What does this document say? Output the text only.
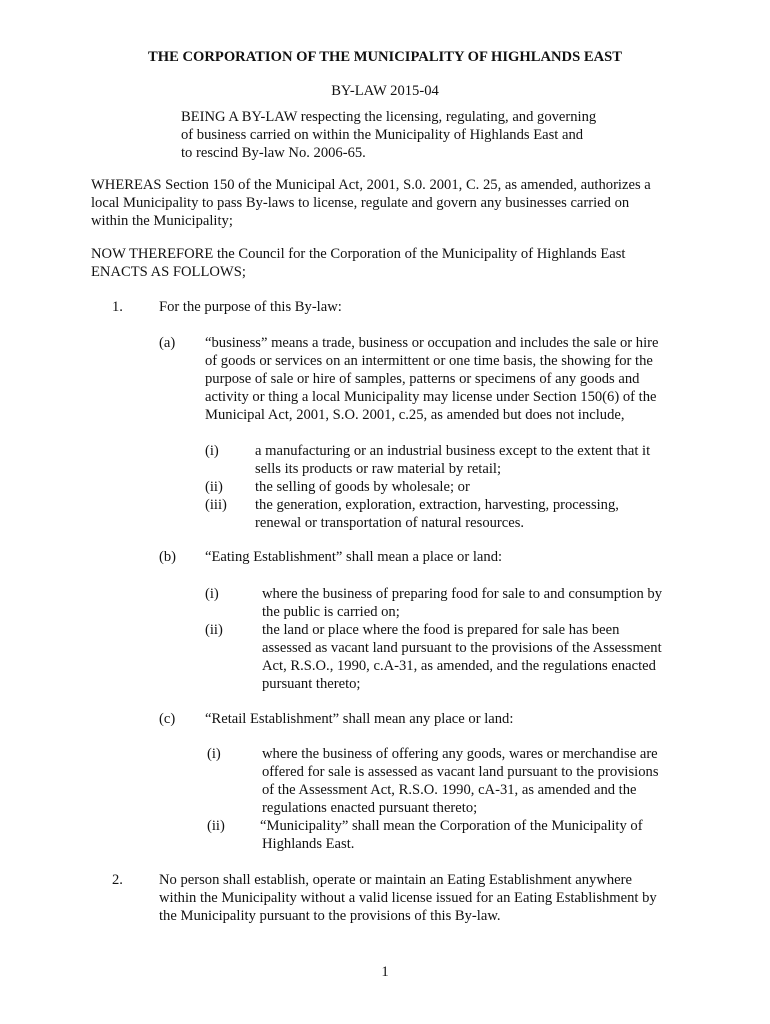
THE CORPORATION OF THE MUNICIPALITY OF HIGHLANDS EAST
BY-LAW 2015-04
BEING A BY-LAW respecting the licensing, regulating, and governing
of business carried on within the Municipality of Highlands East and
to rescind By-law No. 2006-65.
WHEREAS Section 150 of the Municipal Act, 2001, S.0. 2001, C. 25, as amended, authorizes a
local Municipality to pass By-laws to license, regulate and govern any businesses carried on
within the Municipality;
NOW THEREFORE the Council for the Corporation of the Municipality of Highlands East
ENACTS AS FOLLOWS;
1. For the purpose of this By-law:
(a) “business” means a trade, business or occupation and includes the sale or hire
of goods or services on an intermittent or one time basis, the showing for the
purpose of sale or hire of samples, patterns or specimens of any goods and
activity or thing a local Municipality may license under Section 150(6) of the
Municipal Act, 2001, S.O. 2001, c.25, as amended but does not include,
(i) a manufacturing or an industrial business except to the extent that it
sells its products or raw material by retail;
(ii) the selling of goods by wholesale; or
(iii) the generation, exploration, extraction, harvesting, processing,
renewal or transportation of natural resources.
(b) “Eating Establishment” shall mean a place or land:
(i)	where the business of preparing food for sale to and consumption by
the public is carried on;
(ii)	the land or place where the food is prepared for sale has been
assessed as vacant land pursuant to the provisions of the Assessment
Act, R.S.O., 1990, c.A-31, as amended, and the regulations enacted
pursuant thereto;
(c) “Retail Establishment” shall mean any place or land:
(i)	where the business of offering any goods, wares or merchandise are
offered for sale is assessed as vacant land pursuant to the provisions
of the Assessment Act, R.S.O. 1990, cA-31, as amended and the
regulations enacted pursuant thereto;
(ii) “Municipality” shall mean the Corporation of the Municipality of
Highlands East.
2. No person shall establish, operate or maintain an Eating Establishment anywhere
within the Municipality without a valid license issued for an Eating Establishment by
the Municipality pursuant to the provisions of this By-law.
1
